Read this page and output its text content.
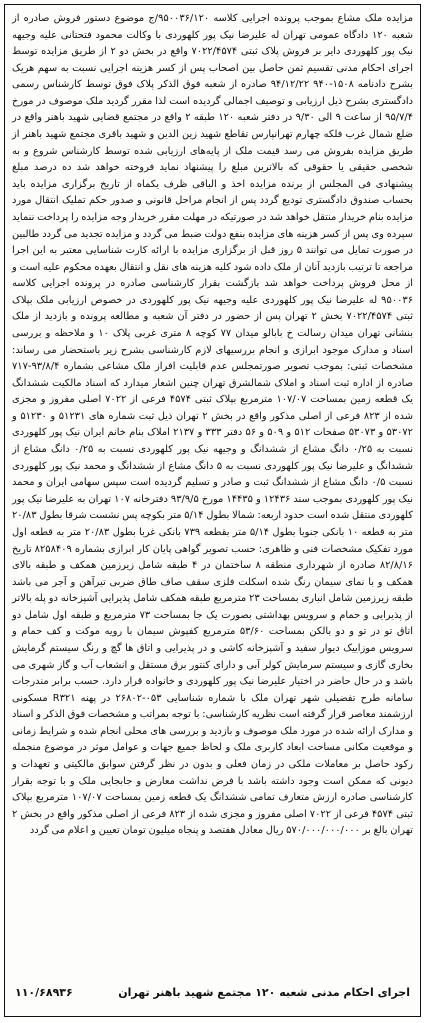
مزایده ملک مشاع بموجب پرونده اجرایی کلاسه ۹۵۰۰۳۶/۱۲۰/ج موضوع دستور فروش صادره از شعبه ۱۲۰ دادگاه عمومی تهران له علیرضا نیک پور کلهوردی با وکالت محمود فتحتانی علیه وجیهه نیک پور کلهوردی دایر بر فروش پلاک ثبتی ۷۰۲۲/۴۵۷۴ واقع در بخش دو ۲ از طریق مزایده توسط اجرای احکام مدنی تقسیم ثمن حاصل بین اصحاب پس از کسر هزینه اجرایی نسبت به سهم هریک بشرح دادنامه ۱۵۰۸-۹۴۰ ۹۴/۱۲/۲۲ صادره از شعبه فوق الذکر پلاک فوق توسط کارشناس رسمی دادگستری بشرح ذیل ارزیابی و توصیف اجمالی گردیده است لذا مقرر گردید ملک موصوف در مورخ ۹۵/۷/۴ از ساعت ۹ الی ۹/۳۰ در دفتر شعبه ۱۲۰ طبقه ۲ واقع در مجتمع قضایی شهید باهنر واقع در ضلع شمال غرب فلکه چهارم تهرانپارس تقاطع شهید زین الدین و شهید باقری مجتمع شهید باهنر از طریق مزایده بفروش می رسد قیمت ملک از پایه‌های ارزیابی شده توسط کارشناس شروع و به شخصی حقیقی یا حقوقی که بالاترین مبلغ را پیشنهاد نماید فروخته خواهد شد ده درصد مبلغ پیشنهادی فی المجلس از برنده مزایده اخذ و الباقی ظرف یکماه از تاریخ برگزاری مزایده باید بحساب صندوق دادگستری تودیع گردد پس از انجام مراحل قانونی و صدور حکم تملیک انتقال مورد مزایده بنام خریدار منتقل خواهد شد در صورتیکه در مهلت مقرر خریدار وجه مزایده را پرداخت ننماید سپرده وی پس از کسر هزینه های مزایده بنفع دولت ضبط می گردد و مزایده تجدید می گردد طالبین در صورت تمایل می توانند ۵ روز قبل از برگزاری مزایده با ارائه کارت شناسایی معتبر به این اجرا مراجعه تا ترتیب بازدید آنان از ملک داده شود کلیه هزینه های نقل و انتقال بعهده محکوم علیه است و از محل فروش پرداخت خواهد شد بازگشت بقرار کارشناسی صادره در پرونده اجرایی کلاسه ۹۵۰۰۳۶ له علیرضا نیک پور کلهوردی علیه وجیهه نیک پور کلهوردی در خصوص ارزیابی ملک بپلاک ثبتی ۷۰۲۲/۴۵۷۴ بخش ۲ تهران پس از حضور در دفتر آن شعبه و مطالعه پرونده و بازدید از ملک بنشانی تهران میدان رسالت خ بابالو میدان ۷۷ کوچه ۸ متری غربی پلاک ۱۰ و ملاحظه و بررسی اسناد و مدارک موجود ابرازی و انجام بررسیهای لازم کارشناسی بشرح زیر باستحضار می رساند: مشخصات ثبتی: بموجب تصویر صورتمجلس عدم قابلیت افراز ملک مشاعی بشماره ۹۳/۸/۴-۷۱۷ صادره از اداره ثبت اسناد و املاک شمالشرق تهران چنین اشعار میدارد که اسناد مالکیت ششدانگ یک قطعه زمین بمساحت ۱۰۷/۰۷ مترمربع بپلاک ثبتی ۴۵۷۴ فرعی از ۷۰۲۲ اصلی مفروز و مجزی شده از ۸۲۳ فرعی از اصلی مذکور واقع در بخش ۲ تهران ذیل ثبت شماره های ۵۱۲۳۱ و ۵۱۲۳۰ و ۵۳۰۷۲ و ۵۳۰۷۳ صفحات ۵۱۲ و ۵۰۹ و ۵۶ دفتر ۳۳۳ و ۲۱۳۷ املاک بنام خانم ایران نیک پور کلهوردی نسبت به ۰/۲۵ دانگ مشاع از ششدانگ و وجیهه نیک پور کلهوردی نسبت به ۰/۲۵ دانگ مشاع از ششدانگ و علیرضا نیک پور کلهوردی نسبت به ۵ دانگ مشاع از ششدانگ و محمد نیک پور کلهوردی نسبت ۰/۵ دانگ مشاع از ششدانگ ثبت و صادر و تسلیم گردیده است سپس سهامی ایران و محمد نیک پور کلهوردی بموجب سند ۱۲۴۳۶ و ۱۴۴۳۵ مورخ ۹۳/۹/۵ دفترخانه ۱۰۷ تهران به علیرضا نیک پور کلهوردی منتقل شده است حدود اربعه: شمالا بطول ۵/۱۴ متر بکوچه پس نشست شرقا بطول ۲۰/۸۳ متر به قطعه ۱۰ بانکی جنوبا بطول ۵/۱۴ متر بقطعه ۷۳۹ بانکی غربا بطول ۲۰/۸۳ متر به قطعه اول مورد تفکیک مشخصات فنی و ظاهری: حسب تصویر گواهی پایان کار ابرازی بشماره ۸۲۵۸۴۰۹ تاریخ ۸۲/۸/۱۶ صادره از شهرداری منطقه ۸ ساختمان در ۴ طبقه شامل زیرزمین همکف و طبقه بالای همکف و با نمای سیمان رنگ شده اسکلت فلزی سقف صاف طاق ضربی تیرآهن و آجر می باشد طبقه زیرزمین شامل انباری بمساحت ۲۳ مترمربع طبقه همکف شامل پذیرایی آشپزخانه دو پله بالاتر از پذیرایی و حمام و سرویس بهداشتی بصورت یک جا بمساحت ۷۳ مترمربع و طبقه اول شامل دو اتاق تو در تو و دو بالکن بمساحت ۵۳/۶۰ مترمربع کفپوش سیمان با رویه موکت و کف حمام و سرویس موزاییک دیوار سفید و آشپزخانه کاشی و در پذیرایی و اتاق ها گچ و رنگ سیستم گرمایش بخاری گازی و سیستم سرمایش کولر آبی و دارای کنتور برق مستقل و انشعاب آب و گاز شهری می باشد و در حال حاضر در اختیار علیرضا نیک پور کلهوردی و خانواده قرار دارد. حسب برابر مندرجات سامانه طرح تفضیلی شهر تهران ملک با شماره شناسایی ۰۵۳-۲۶۸۰۲ در پهنه R۳۲۱ مسکونی ارزشمند معاصر قرار گرفته است نظریه کارشناسی: با توجه بمراتب و مشخصات فوق الذکر و اسناد و مدارک ارائه شده در مورد ملک موصوف و بازدید و بررسی های محلی انجام شده و شرایط زمانی و موقعیت مکانی مساحت ابعاد کاربری ملک و لحاظ جمیع جهات و عوامل موثر در موضوع منجمله رکود حاصل بر معاملات ملکی در زمان فعلی و بدون در نظر گرفتن سوابق مالکیتی و تعهدات و دیونی که ممکن است وجود داشته باشد با فرض نداشت معارض و جابجایی ملک و با توجه بقرار کارشناسی صادره ارزش متعارف تمامی ششدانگ یک قطعه زمین بمساحت ۱۰۷/۰۷ مترمربع بپلاک ثبتی ۴۵۷۴ فرعی از ۷۰۲۲ اصلی مفروز و مجزی شده از ۸۲۳ فرعی از اصلی مذکور واقع در بخش ۲ تهران بالغ بر ۵۷۰/۰۰۰/۰۰۰/۰۰۰ ریال معادل هفتصد و پنجاه میلیون تومان تعیین و اعلام می گردد
اجرای احکام مدنی شعبه ۱۲۰ مجتمع شهید باهنر تهران
۱۱۰/۶۸۹۳۶
